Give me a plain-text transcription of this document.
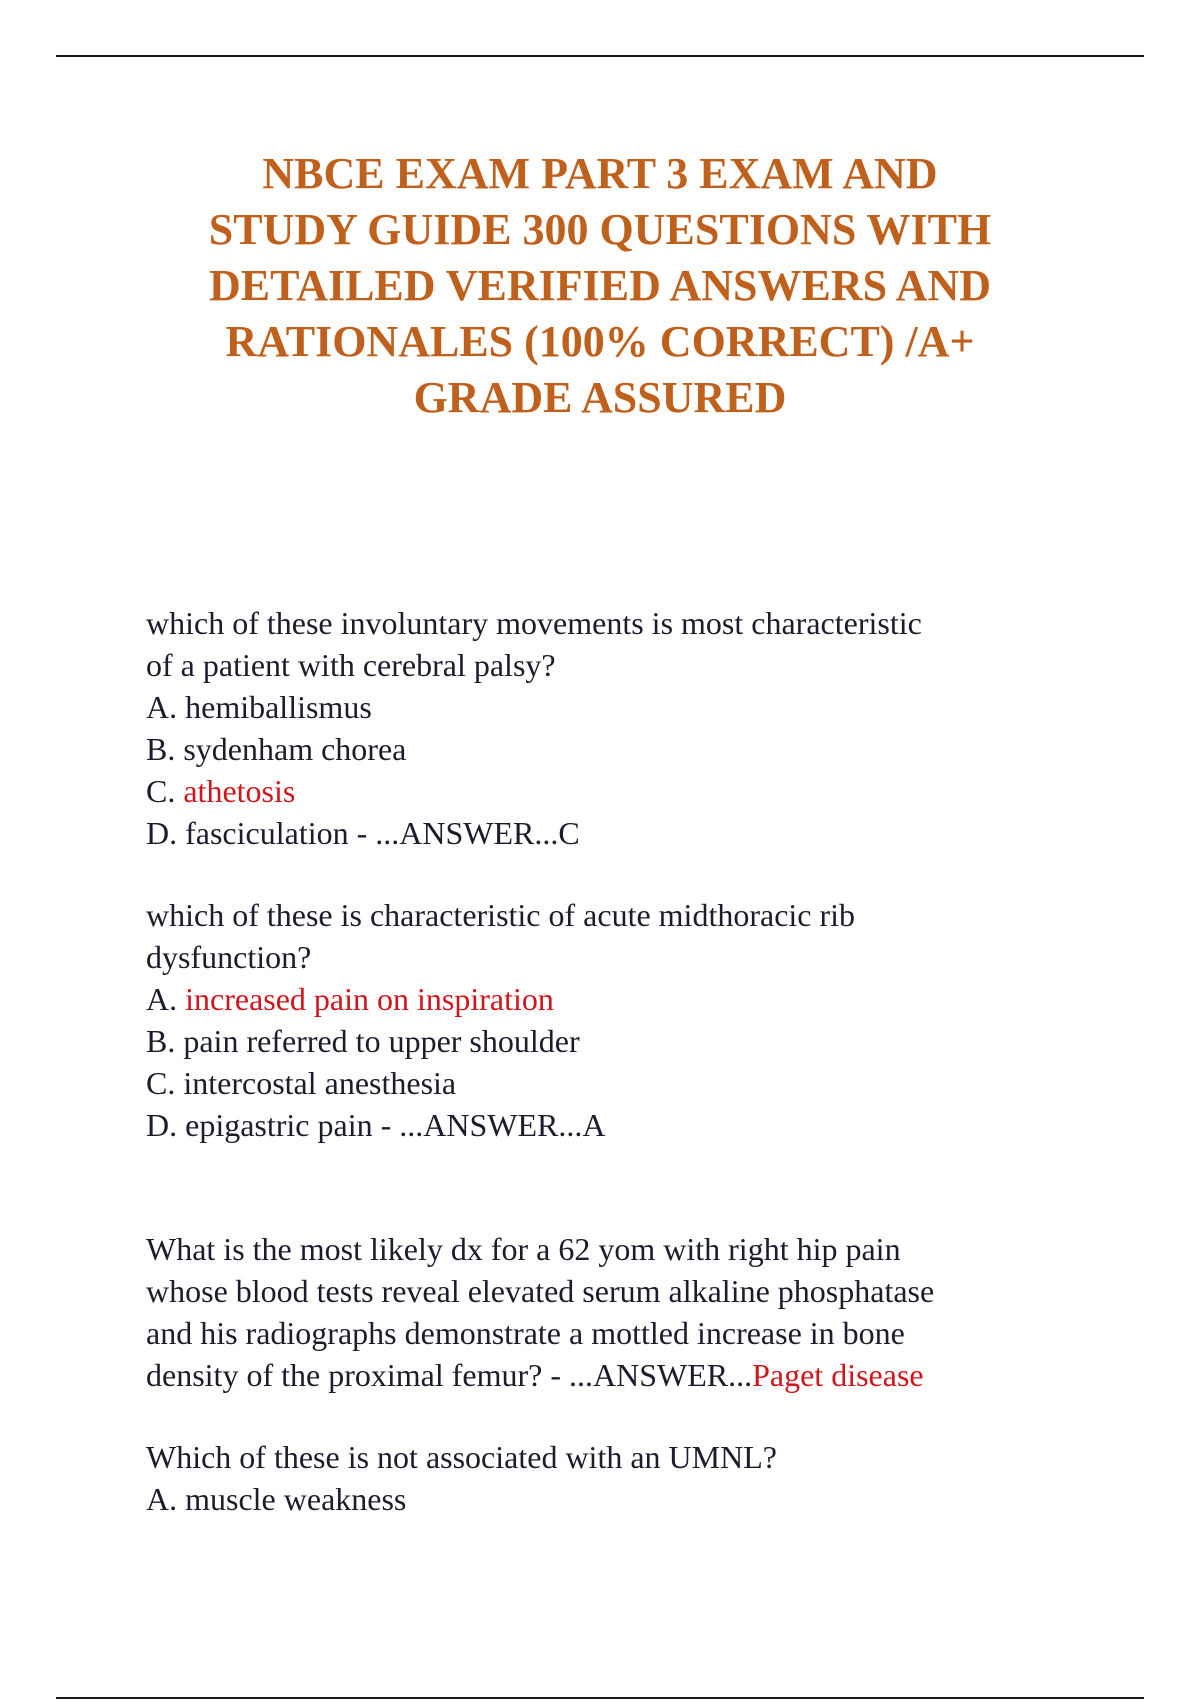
NBCE EXAM PART 3 EXAM AND
STUDY GUIDE 300 QUESTIONS WITH
DETAILED VERIFIED ANSWERS AND
RATIONALES (100% CORRECT) /A+
GRADE ASSURED
which of these involuntary movements is most characteristic
of a patient with cerebral palsy?
A. hemiballismus
B. sydenham chorea
C. athetosis
D. fasciculation - ...ANSWER...C
which of these is characteristic of acute midthoracic rib
dysfunction?
A. increased pain on inspiration
B. pain referred to upper shoulder
C. intercostal anesthesia
D. epigastric pain - ...ANSWER...A
What is the most likely dx for a 62 yom with right hip pain
whose blood tests reveal elevated serum alkaline phosphatase
and his radiographs demonstrate a mottled increase in bone
density of the proximal femur? - ...ANSWER...Paget disease
Which of these is not associated with an UMNL?
A. muscle weakness
